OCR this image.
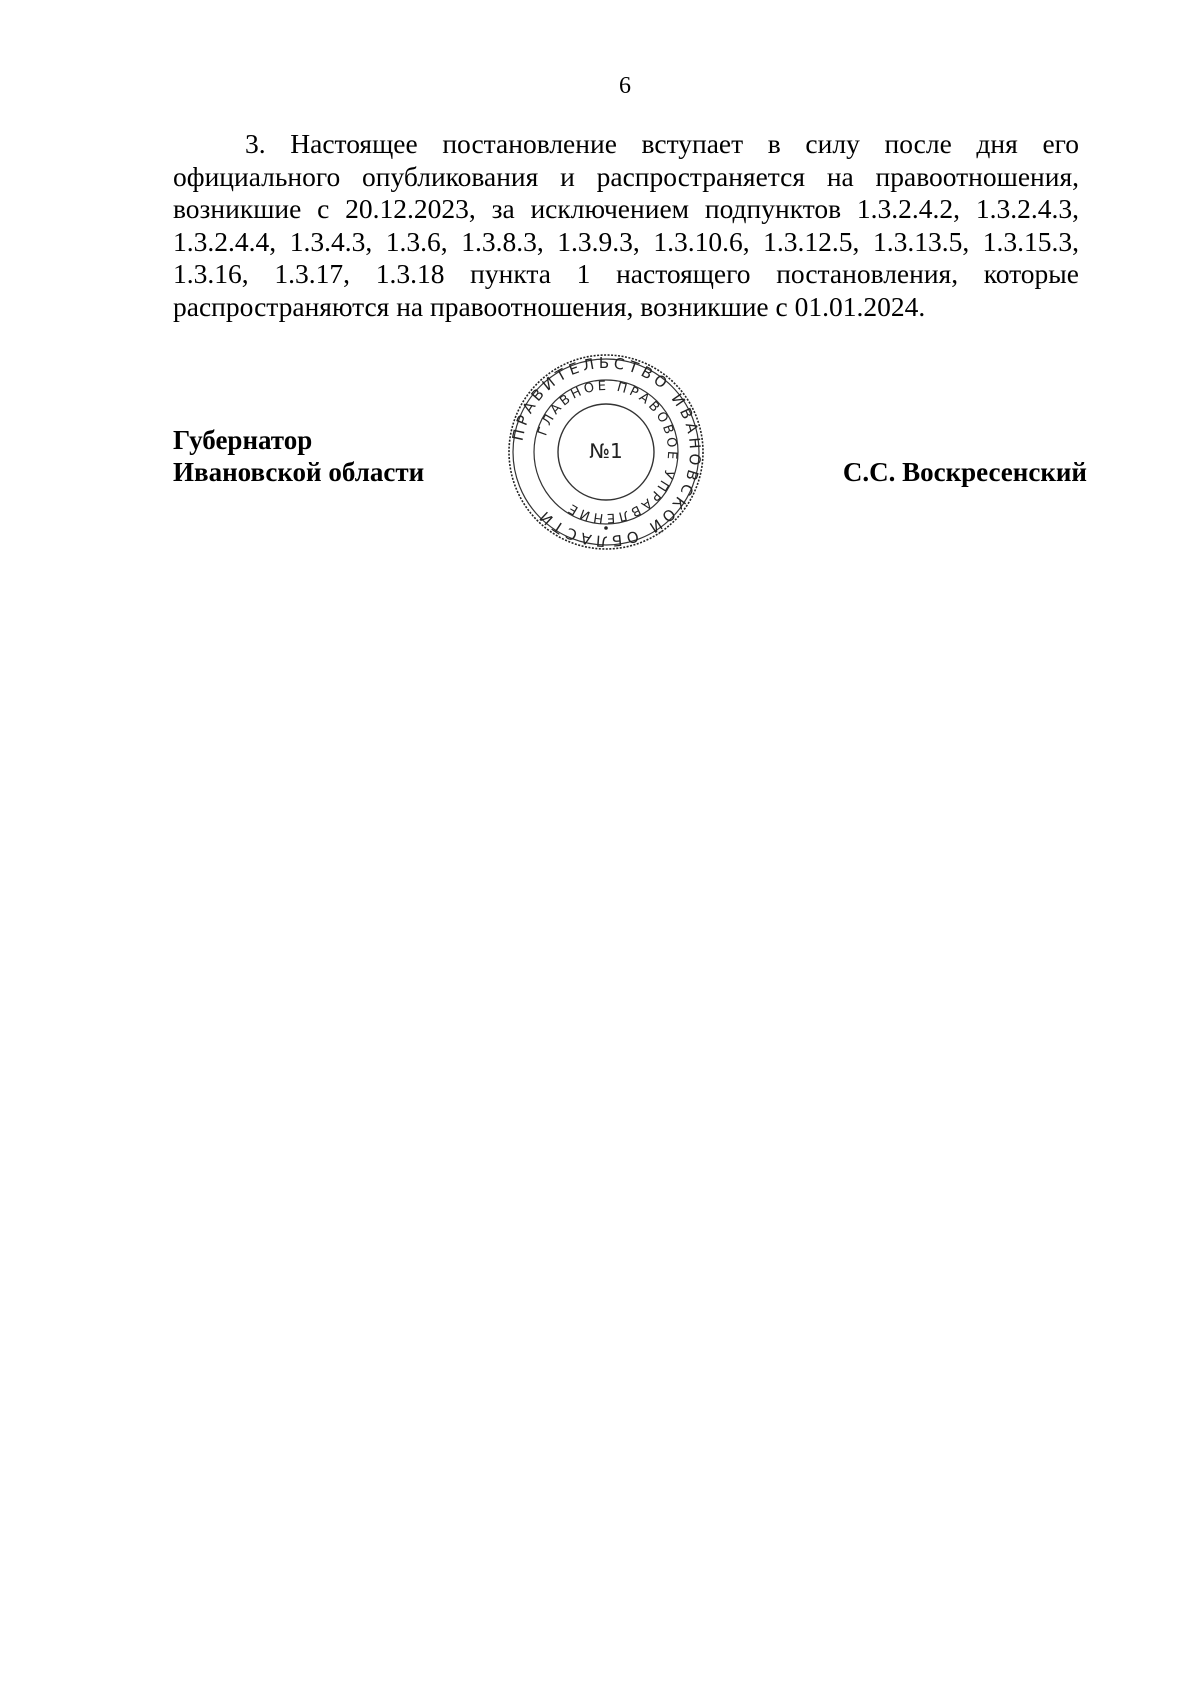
6

3. Настоящее постановление вступает в силу после дня его официального опубликования и распространяется на правоотношения, возникшие с 20.12.2023, за исключением подпунктов 1.3.2.4.2, 1.3.2.4.3, 1.3.2.4.4, 1.3.4.3, 1.3.6, 1.3.8.3, 1.3.9.3, 1.3.10.6, 1.3.12.5, 1.3.13.5, 1.3.15.3, 1.3.16, 1.3.17, 1.3.18 пункта 1 настоящего постановления, которые распространяются на правоотношения, возникшие с 01.01.2024.

Губернатор
Ивановской области
ПРАВИТЕЛЬСТВО ИВАНОВСКОЙ ОБЛАСТИ
ГЛАВНОЕ ПРАВОВОЕ УПРАВЛЕНИЕ
№1
С.С. Воскресенский
